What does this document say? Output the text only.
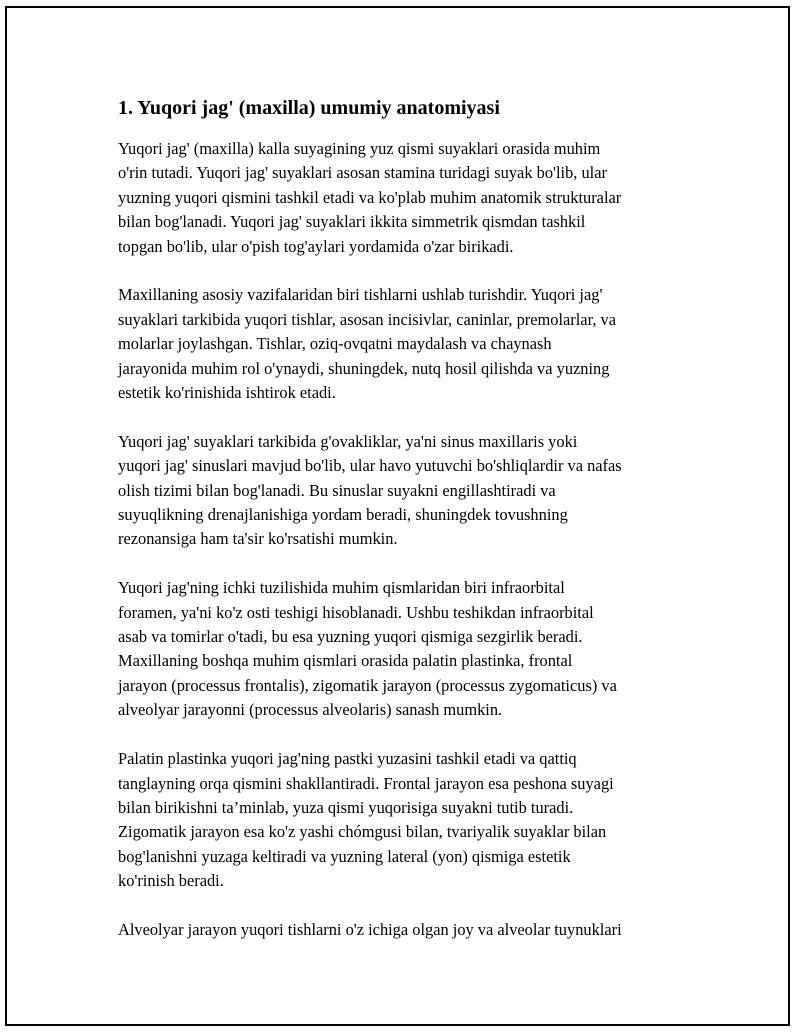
1. Yuqori jag' (maxilla) umumiy anatomiyasi

Yuqori jag' (maxilla) kalla suyagining yuz qismi suyaklari orasida muhim
o'rin tutadi. Yuqori jag' suyaklari asosan stamina turidagi suyak bo'lib, ular
yuzning yuqori qismini tashkil etadi va ko'plab muhim anatomik strukturalar
bilan bog'lanadi. Yuqori jag' suyaklari ikkita simmetrik qismdan tashkil
topgan bo'lib, ular o'pish tog'aylari yordamida o'zar birikadi.

Maxillaning asosiy vazifalaridan biri tishlarni ushlab turishdir. Yuqori jag'
suyaklari tarkibida yuqori tishlar, asosan incisivlar, caninlar, premolarlar, va
molarlar joylashgan. Tishlar, oziq-ovqatni maydalash va chaynash
jarayonida muhim rol o'ynaydi, shuningdek, nutq hosil qilishda va yuzning
estetik ko'rinishida ishtirok etadi.

Yuqori jag' suyaklari tarkibida g'ovakliklar, ya'ni sinus maxillaris yoki
yuqori jag' sinuslari mavjud bo'lib, ular havo yutuvchi bo'shliqlardir va nafas
olish tizimi bilan bog'lanadi. Bu sinuslar suyakni engillashtiradi va
suyuqlikning drenajlanishiga yordam beradi, shuningdek tovushning
rezonansiga ham ta'sir ko'rsatishi mumkin.

Yuqori jag'ning ichki tuzilishida muhim qismlaridan biri infraorbital
foramen, ya'ni ko'z osti teshigi hisoblanadi. Ushbu teshikdan infraorbital
asab va tomirlar o'tadi, bu esa yuzning yuqori qismiga sezgirlik beradi.
Maxillaning boshqa muhim qismlari orasida palatin plastinka, frontal
jarayon (processus frontalis), zigomatik jarayon (processus zygomaticus) va
alveolyar jarayonni (processus alveolaris) sanash mumkin.

Palatin plastinka yuqori jag'ning pastki yuzasini tashkil etadi va qattiq
tanglayning orqa qismini shakllantiradi. Frontal jarayon esa peshona suyagi
bilan birikishni ta’minlab, yuza qismi yuqorisiga suyakni tutib turadi.
Zigomatik jarayon esa ko'z yashi chómgusi bilan, tvariyalik suyaklar bilan
bog'lanishni yuzaga keltiradi va yuzning lateral (yon) qismiga estetik
ko'rinish beradi.

Alveolyar jarayon yuqori tishlarni o'z ichiga olgan joy va alveolar tuynuklari
